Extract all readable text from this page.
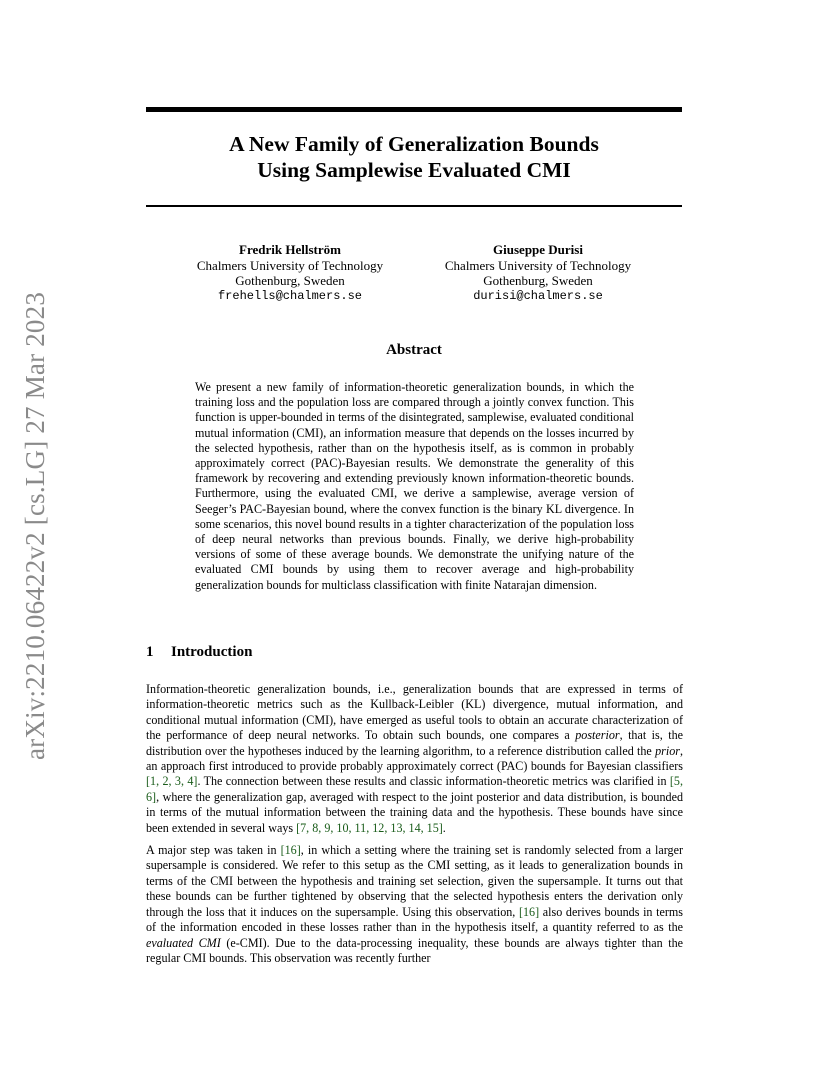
arXiv:2210.06422v2 [cs.LG] 27 Mar 2023
A New Family of Generalization Bounds
Using Samplewise Evaluated CMI
Fredrik Hellström
Chalmers University of Technology
Gothenburg, Sweden
frehells@chalmers.se
Giuseppe Durisi
Chalmers University of Technology
Gothenburg, Sweden
durisi@chalmers.se
Abstract
We present a new family of information-theoretic generalization bounds, in which the training loss and the population loss are compared through a jointly convex function. This function is upper-bounded in terms of the disintegrated, samplewise, evaluated conditional mutual information (CMI), an information measure that depends on the losses incurred by the selected hypothesis, rather than on the hypothesis itself, as is common in probably approximately correct (PAC)-Bayesian results. We demonstrate the generality of this framework by recovering and extending previously known information-theoretic bounds. Furthermore, using the evaluated CMI, we derive a samplewise, average version of Seeger’s PAC-Bayesian bound, where the convex function is the binary KL divergence. In some scenarios, this novel bound results in a tighter characterization of the population loss of deep neural networks than previous bounds. Finally, we derive high-probability versions of some of these average bounds. We demonstrate the unifying nature of the evaluated CMI bounds by using them to recover average and high-probability generalization bounds for multiclass classification with finite Natarajan dimension.
1 Introduction

Information-theoretic generalization bounds, i.e., generalization bounds that are expressed in terms of information-theoretic metrics such as the Kullback-Leibler (KL) divergence, mutual information, and conditional mutual information (CMI), have emerged as useful tools to obtain an accurate characterization of the performance of deep neural networks. To obtain such bounds, one compares a posterior, that is, the distribution over the hypotheses induced by the learning algorithm, to a reference distribution called the prior, an approach first introduced to provide probably approximately correct (PAC) bounds for Bayesian classifiers [1, 2, 3, 4]. The connection between these results and classic information-theoretic metrics was clarified in [5, 6], where the generalization gap, averaged with respect to the joint posterior and data distribution, is bounded in terms of the mutual information between the training data and the hypothesis. These bounds have since been extended in several ways [7, 8, 9, 10, 11, 12, 13, 14, 15].

A major step was taken in [16], in which a setting where the training set is randomly selected from a larger supersample is considered. We refer to this setup as the CMI setting, as it leads to generalization bounds in terms of the CMI between the hypothesis and training set selection, given the supersample. It turns out that these bounds can be further tightened by observing that the selected hypothesis enters the derivation only through the loss that it induces on the supersample. Using this observation, [16] also derives bounds in terms of the information encoded in these losses rather than in the hypothesis itself, a quantity referred to as the evaluated CMI (e-CMI). Due to the data-processing inequality, these bounds are always tighter than the regular CMI bounds. This observation was recently further
